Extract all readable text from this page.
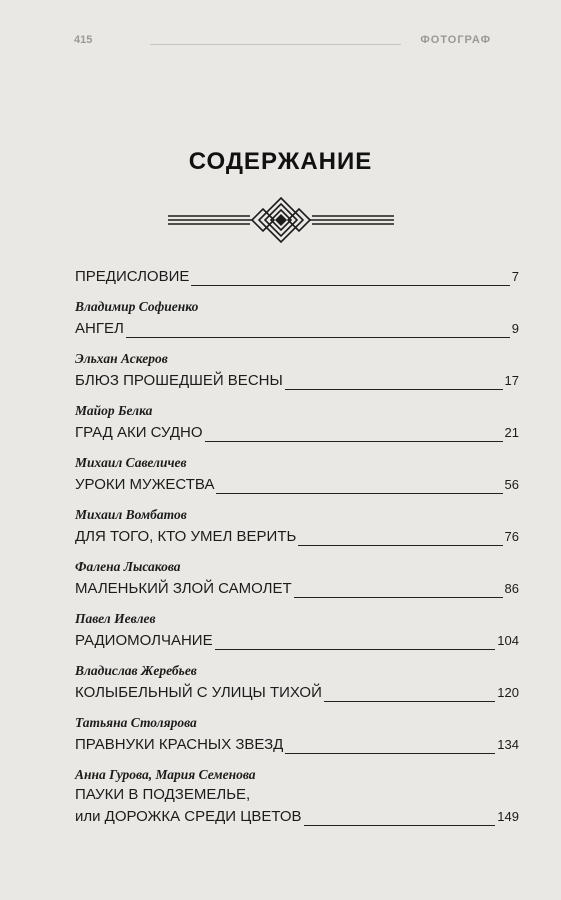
415	ФОТОГРАФ
СОДЕРЖАНИЕ
ПРЕДИСЛОВИЕ	7
Владимир Софиенко
АНГЕЛ	9
Эльхан Аскеров
БЛЮЗ ПРОШЕДШЕЙ ВЕСНЫ	17
Майор Белка
ГРАД АКИ СУДНО	21
Михаил Савеличев
УРОКИ МУЖЕСТВА	56
Михаил Вомбатов
ДЛЯ ТОГО, КТО УМЕЛ ВЕРИТЬ	76
Фалена Лысакова
МАЛЕНЬКИЙ ЗЛОЙ САМОЛЕТ	86
Павел Иевлев
РАДИОМОЛЧАНИЕ	104
Владислав Жеребьев
КОЛЫБЕЛЬНЫЙ С УЛИЦЫ ТИХОЙ	120
Татьяна Столярова
ПРАВНУКИ КРАСНЫХ ЗВЕЗД	134
Анна Гурова, Мария Семенова
ПАУКИ В ПОДЗЕМЕЛЬЕ,
или ДОРОЖКА СРЕДИ ЦВЕТОВ	149
